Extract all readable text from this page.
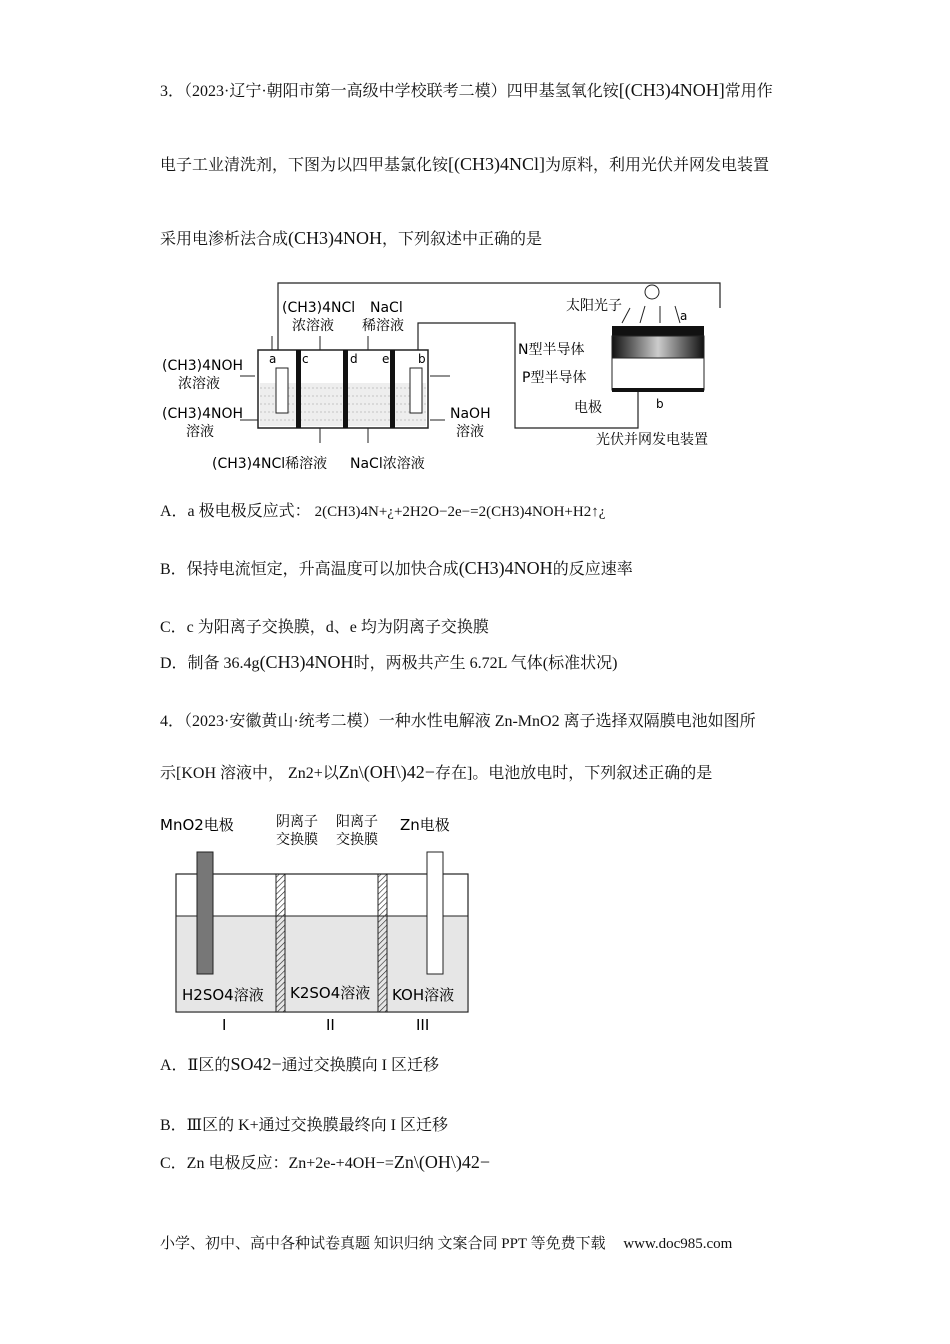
3．（2023·辽宁·朝阳市第一高级中学校联考二模）四甲基氢氧化铵[(CH3)4NOH]常用作
电子工业清洗剂，下图为以四甲基氯化铵[(CH3)4NCl]为原料，利用光伏并网发电装置
采用电渗析法合成(CH3)4NOH，下列叙述中正确的是
a c	d e b
(CH3)4NCl
浓溶液
NaCl
稀溶液
(CH3)4NOH
浓溶液
(CH3)4NOH
溶液
NaOH
溶液
(CH3)4NCl稀溶液 NaCl浓溶液
太阳光子
a
N型半导体
P型半导体
电极	b
光伏并网发电装置
A．a 极电极反应式： 2(CH3)4N+¿+2H2O−2e−=2(CH3)4NOH+H2↑¿
B．保持电流恒定，升高温度可以加快合成(CH3)4NOH的反应速率
C．c 为阳离子交换膜，d、e 均为阴离子交换膜
D．制备 36.4g(CH3)4NOH时，两极共产生 6.72L 气体(标准状况)
4．（2023·安徽黄山·统考二模）一种水性电解液 Zn-MnO2 离子选择双隔膜电池如图所
示[KOH 溶液中， Zn2+以Zn\(OH\)42−存在]。电池放电时，下列叙述正确的是
MnO2电极	阴离子
交换膜
阳离子
交换膜
Zn电极
H2SO4溶液 K2SO4溶液 KOH溶液
I	II	III
A．Ⅱ区的SO42−通过交换膜向 I 区迁移
B．Ⅲ区的 K+通过交换膜最终向 I 区迁移
C．Zn 电极反应：Zn+2e-+4OH−=Zn\(OH\)42−
小学、初中、高中各种试卷真题 知识归纳 文案合同 PPT 等免费下载 www.doc985.com
